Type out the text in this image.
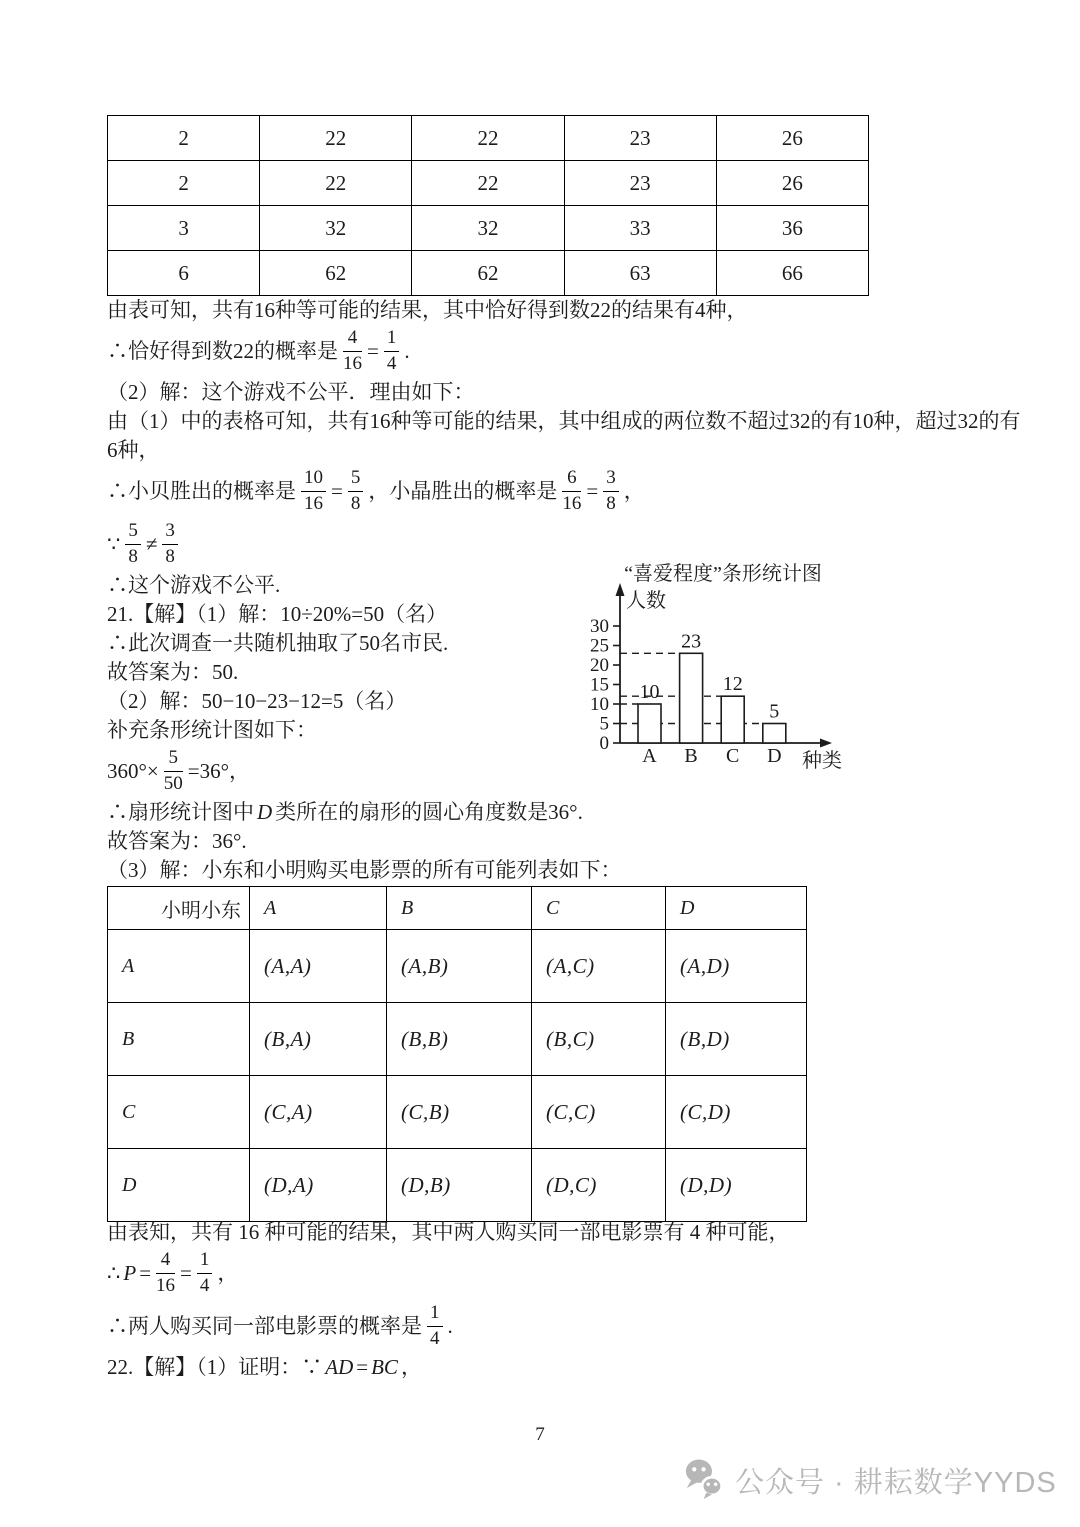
2	22	22	23	26
2	22	22	23	26
3	32	32	33	36
6	62	62	63	66
由表可知，共有16种等可能的结果，其中恰好得到数22的结果有4种，
∴恰好得到数22的概率是 $\frac{4}{16} = \frac{1}{4}$ .
（2）解：这个游戏不公平．理由如下：
由（1）中的表格可知，共有16种等可能的结果，其中组成的两位数不超过32的有10种，超过32的有
6种，
∴小贝胜出的概率是 $\frac{10}{16} = \frac{5}{8}$ ，小晶胜出的概率是 $\frac{6}{16} = \frac{3}{8}$ ，
∵ $\frac{5}{8} \ne \frac{3}{8}$
∴这个游戏不公平.
21.【解】（1）解：10÷20%=50（名）
∴此次调查一共随机抽取了50名市民.
故答案为：50.
（2）解：50−10−23−12=5（名）
补充条形统计图如下：
$360^\circ\times \frac{5}{50} =36^\circ$，
∴扇形统计图中 D 类所在的扇形的圆心角度数是36°.
故答案为：36°.
（3）解：小东和小明购买电影票的所有可能列表如下：
“喜爱程度”条形统计图
人数
种类
0
5
10
15
20
25
30
10
A
23
B
12
C
5
D
小明小东	A	B	C	D
A	(A,A)	(A,B)	(A,C)	(A,D)
B	(B,A)	(B,B)	(B,C)	(B,D)
C	(C,A)	(C,B)	(C,C)	(C,D)
D	(D,A)	(D,B)	(D,C)	(D,D)
由表知，共有 16 种可能的结果，其中两人购买同一部电影票有 4 种可能，
∴ $P = \frac{4}{16} = \frac{1}{4}$ ，
∴两人购买同一部电影票的概率是 $\frac{1}{4}$ .
22.【解】（1）证明：∵ AD = BC ，
7
公众号 · 耕耘数学YYDS
